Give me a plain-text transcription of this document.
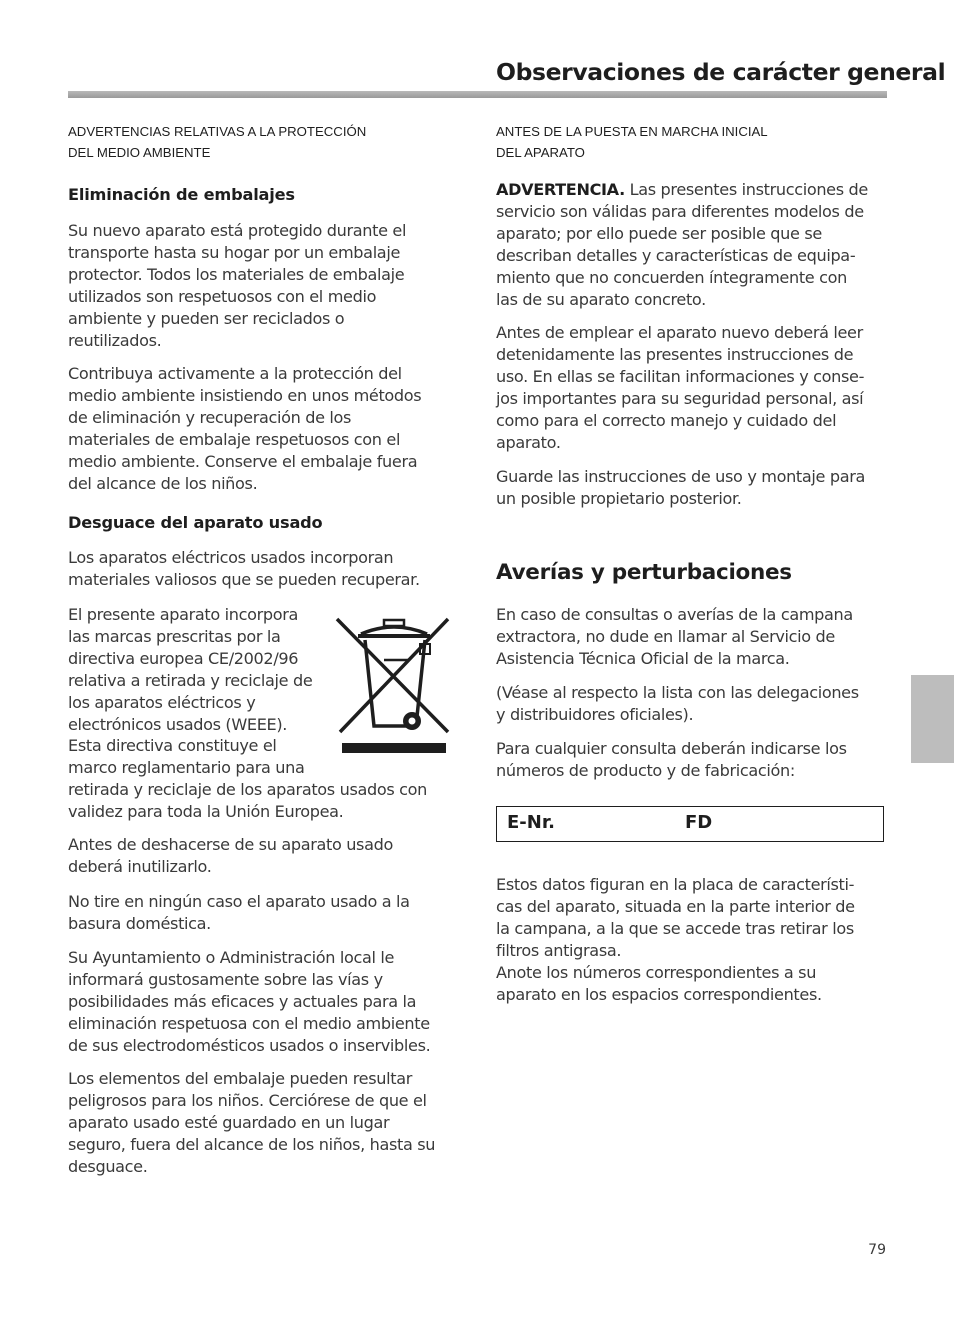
Observaciones de carácter general

ADVERTENCIAS RELATIVAS A LA PROTECCIÓN

DEL MEDIO AMBIENTE

Eliminación de embalajes

Su nuevo aparato está protegido durante el
transporte hasta su hogar por un embalaje
protector. Todos los materiales de embalaje
utilizados son respetuosos con el medio
ambiente y pueden ser reciclados o
reutilizados.

Contribuya activamente a la protección del
medio ambiente insistiendo en unos métodos
de eliminación y recuperación de los
materiales de embalaje respetuosos con el
medio ambiente. Conserve el embalaje fuera
del alcance de los niños.

Desguace del aparato usado

Los aparatos eléctricos usados incorporan
materiales valiosos que se pueden recuperar.

El presente aparato incorpora
las marcas prescritas por la
directiva europea CE/2002/96
relativa a retirada y reciclaje de
los aparatos eléctricos y
electrónicos usados (WEEE).
Esta directiva constituye el
marco reglamentario para una

retirada y reciclaje de los aparatos usados con
validez para toda la Unión Europea.

Antes de deshacerse de su aparato usado
deberá inutilizarlo.

No tire en ningún caso el aparato usado a la
basura doméstica.

Su Ayuntamiento o Administración local le
informará gustosamente sobre las vías y
posibilidades más eficaces y actuales para la
eliminación respetuosa con el medio ambiente
de sus electrodomésticos usados o inservibles.

Los elementos del embalaje pueden resultar
peligrosos para los niños. Cerciórese de que el
aparato usado esté guardado en un lugar
seguro, fuera del alcance de los niños, hasta su
desguace.

ANTES DE LA PUESTA EN MARCHA INICIAL

DEL APARATO

ADVERTENCIA. Las presentes instrucciones de
servicio son válidas para diferentes modelos de
aparato; por ello puede ser posible que se
describan detalles y características de equipa-
miento que no concuerden íntegramente con
las de su aparato concreto.

Antes de emplear el aparato nuevo deberá leer
detenidamente las presentes instrucciones de
uso. En ellas se facilitan informaciones y conse-
jos importantes para su seguridad personal, así
como para el correcto manejo y cuidado del
aparato.

Guarde las instrucciones de uso y montaje para
un posible propietario posterior.

Averías y perturbaciones

En caso de consultas o averías de la campana
extractora, no dude en llamar al Servicio de
Asistencia Técnica Oficial de la marca.

(Véase al respecto la lista con las delegaciones
y distribuidores oficiales).

Para cualquier consulta deberán indicarse los
números de producto y de fabricación:

Estos datos figuran en la placa de característi-
cas del aparato, situada en la parte interior de
la campana, a la que se accede tras retirar los
filtros antigrasa.
Anote los números correspondientes a su
aparato en los espacios correspondientes.

E-Nr.	FD
79
